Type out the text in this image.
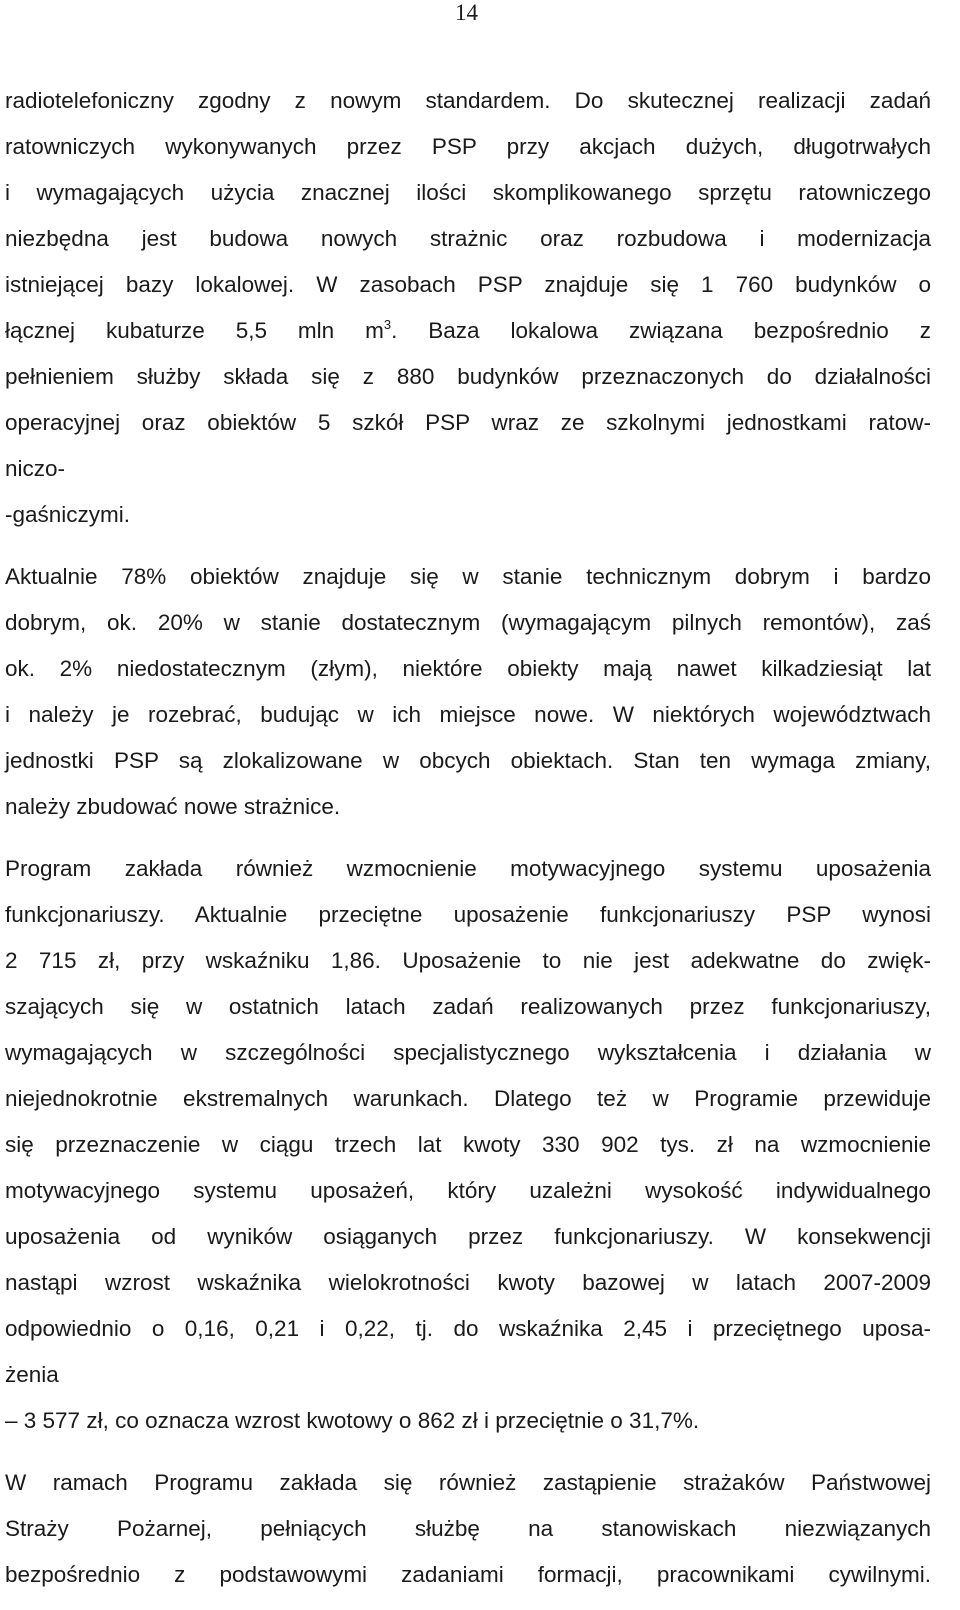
14
radiotelefoniczny zgodny z nowym standardem. Do skutecznej realizacji zadań
ratowniczych wykonywanych przez PSP przy akcjach dużych, długotrwałych
i wymagających użycia znacznej ilości skomplikowanego sprzętu ratowniczego
niezbędna jest budowa nowych strażnic oraz rozbudowa i modernizacja
istniejącej bazy lokalowej. W zasobach PSP znajduje się 1 760 budynków o
łącznej kubaturze 5,5 mln $m^3$. Baza lokalowa związana bezpośrednio z
pełnieniem służby składa się z 880 budynków przeznaczonych do działalności
operacyjnej oraz obiektów 5 szkół PSP wraz ze szkolnymi jednostkami ratow-
niczo-
-gaśniczymi.
Aktualnie 78% obiektów znajduje się w stanie technicznym dobrym i bardzo
dobrym, ok. 20% w stanie dostatecznym (wymagającym pilnych remontów), zaś
ok. 2% niedostatecznym (złym), niektóre obiekty mają nawet kilkadziesiąt lat
i należy je rozebrać, budując w ich miejsce nowe. W niektórych województwach
jednostki PSP są zlokalizowane w obcych obiektach. Stan ten wymaga zmiany,
należy zbudować nowe strażnice.
Program zakłada również wzmocnienie motywacyjnego systemu uposażenia
funkcjonariuszy. Aktualnie przeciętne uposażenie funkcjonariuszy PSP wynosi
2 715 zł, przy wskaźniku 1,86. Uposażenie to nie jest adekwatne do zwięk-
szających się w ostatnich latach zadań realizowanych przez funkcjonariuszy,
wymagających w szczególności specjalistycznego wykształcenia i działania w
niejednokrotnie ekstremalnych warunkach. Dlatego też w Programie przewiduje
się przeznaczenie w ciągu trzech lat kwoty 330 902 tys. zł na wzmocnienie
motywacyjnego systemu uposażeń, który uzależni wysokość indywidualnego
uposażenia od wyników osiąganych przez funkcjonariuszy. W konsekwencji
nastąpi wzrost wskaźnika wielokrotności kwoty bazowej w latach 2007-2009
odpowiednio o 0,16, 0,21 i 0,22, tj. do wskaźnika 2,45 i przeciętnego uposa-
żenia
– 3 577 zł, co oznacza wzrost kwotowy o 862 zł i przeciętnie o 31,7%.
W ramach Programu zakłada się również zastąpienie strażaków Państwowej
Straży Pożarnej, pełniących służbę na stanowiskach niezwiązanych
bezpośrednio z podstawowymi zadaniami formacji, pracownikami cywilnymi.
